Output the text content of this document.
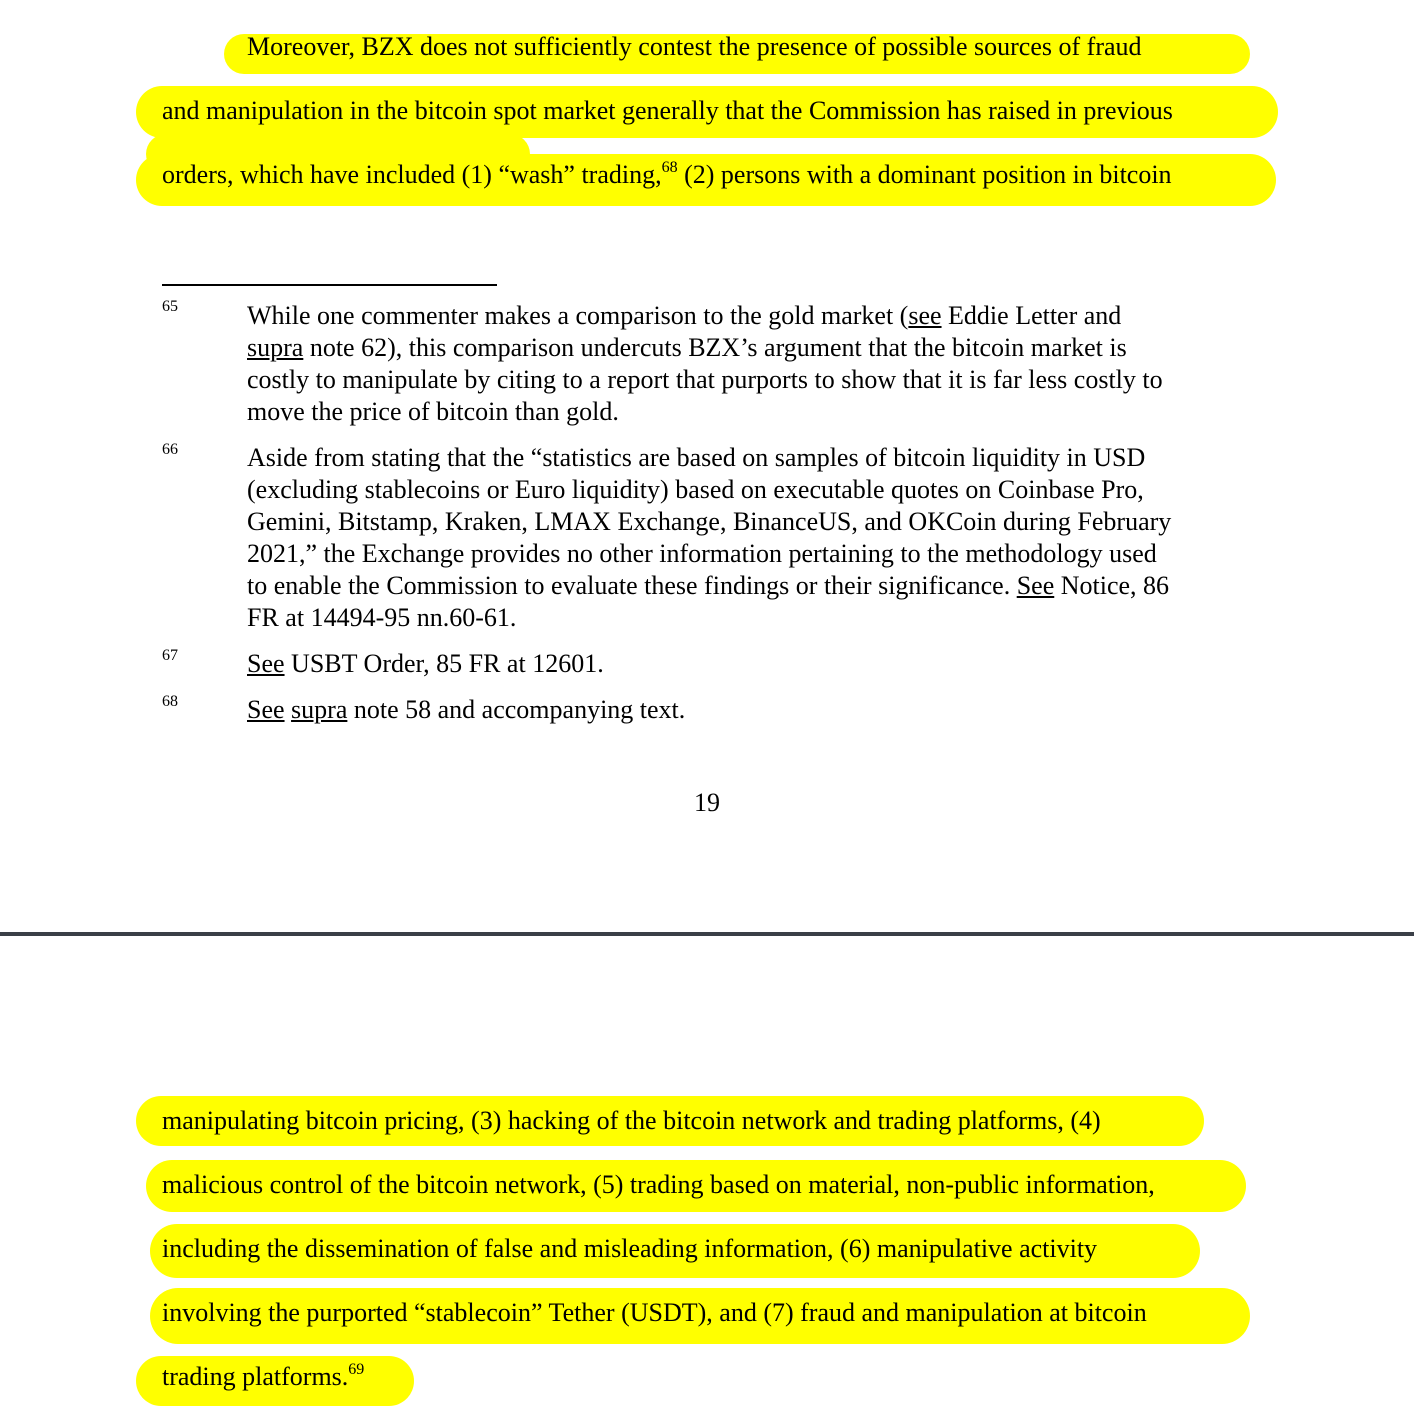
Moreover, BZX does not sufficiently contest the presence of possible sources of fraud
and manipulation in the bitcoin spot market generally that the Commission has raised in previous
orders, which have included (1) “wash” trading,$^{68}$ (2) persons with a dominant position in bitcoin
65	While one commenter makes a comparison to the gold market (see Eddie Letter and
supra note 62), this comparison undercuts BZX’s argument that the bitcoin market is
costly to manipulate by citing to a report that purports to show that it is far less costly to
move the price of bitcoin than gold.
66	Aside from stating that the “statistics are based on samples of bitcoin liquidity in USD
(excluding stablecoins or Euro liquidity) based on executable quotes on Coinbase Pro,
Gemini, Bitstamp, Kraken, LMAX Exchange, BinanceUS, and OKCoin during February
2021,” the Exchange provides no other information pertaining to the methodology used
to enable the Commission to evaluate these findings or their significance. See Notice, 86
FR at 14494-95 nn.60-61.
67	See USBT Order, 85 FR at 12601.
68	See supra note 58 and accompanying text.
19
manipulating bitcoin pricing, (3) hacking of the bitcoin network and trading platforms, (4)
malicious control of the bitcoin network, (5) trading based on material, non-public information,
including the dissemination of false and misleading information, (6) manipulative activity
involving the purported “stablecoin” Tether (USDT), and (7) fraud and manipulation at bitcoin
trading platforms.$^{69}$
